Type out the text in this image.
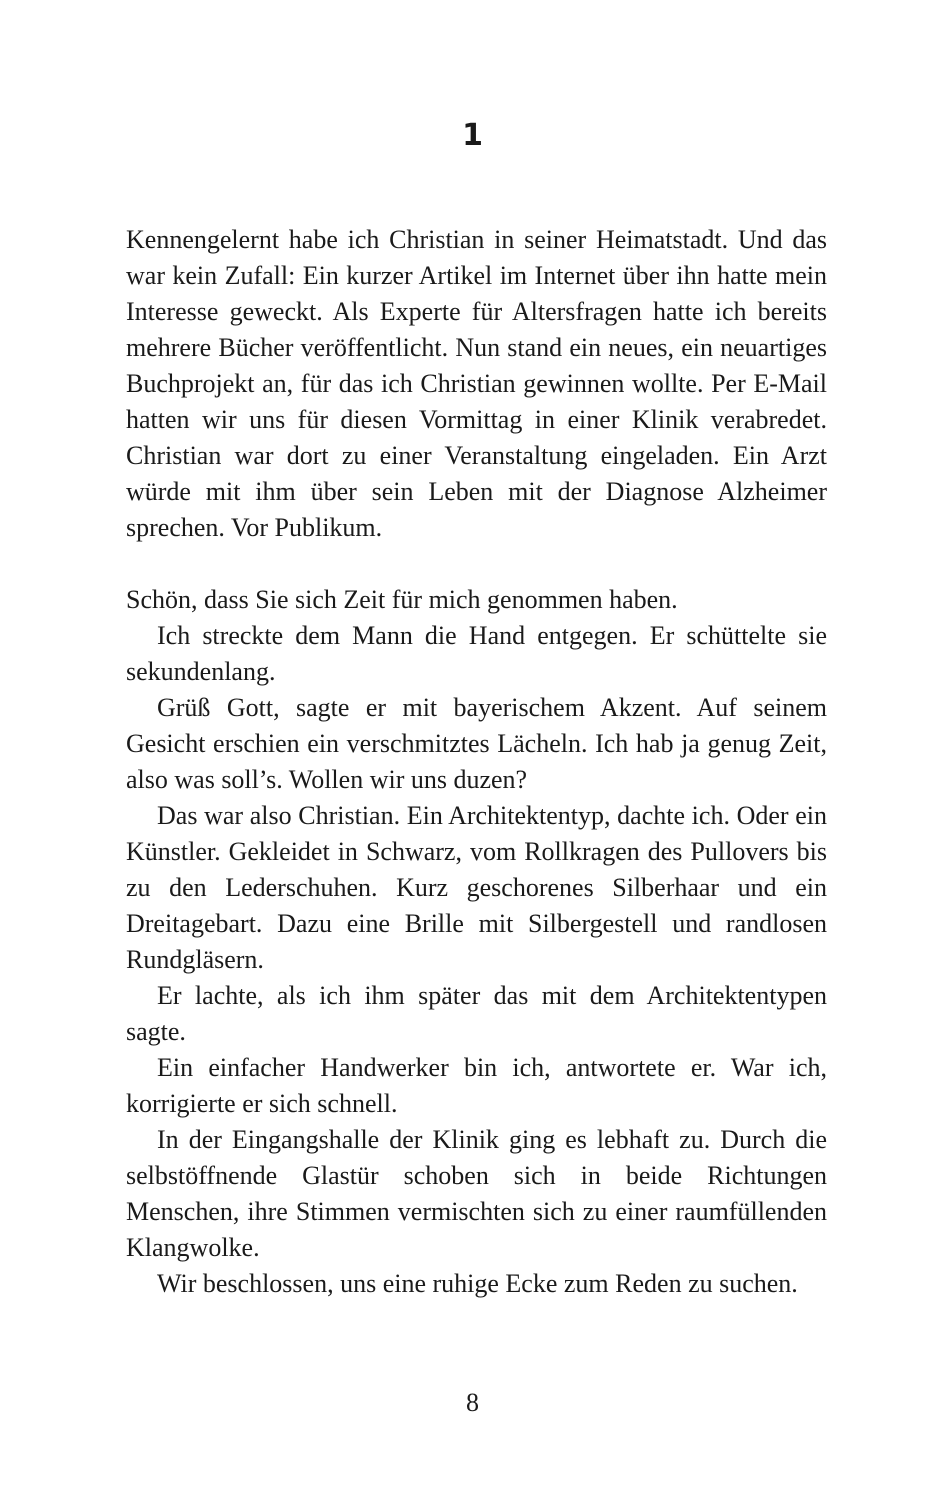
1

Kennengelernt habe ich Christian in seiner Heimatstadt. Und das war kein Zufall: Ein kurzer Artikel im Internet über ihn hatte mein Interesse geweckt. Als Experte für Altersfragen hatte ich bereits mehrere Bücher veröffentlicht. Nun stand ein neues, ein neuartiges Buchprojekt an, für das ich Christian gewinnen wollte. Per E-Mail hatten wir uns für diesen Vormittag in einer Klinik verabredet. Christian war dort zu einer Veranstaltung eingeladen. Ein Arzt würde mit ihm über sein Leben mit der Diagnose Alzheimer sprechen. Vor Publikum.

Schön, dass Sie sich Zeit für mich genommen haben.

Ich streckte dem Mann die Hand entgegen. Er schüttelte sie sekundenlang.

Grüß Gott, sagte er mit bayerischem Akzent. Auf seinem Gesicht erschien ein verschmitztes Lächeln. Ich hab ja genug Zeit, also was soll’s. Wollen wir uns duzen?

Das war also Christian. Ein Architektentyp, dachte ich. Oder ein Künstler. Gekleidet in Schwarz, vom Rollkragen des Pullovers bis zu den Lederschuhen. Kurz geschorenes Silberhaar und ein Dreitagebart. Dazu eine Brille mit Silbergestell und randlosen Rundgläsern.

Er lachte, als ich ihm später das mit dem Architektentypen sagte.

Ein einfacher Handwerker bin ich, antwortete er. War ich, korrigierte er sich schnell.

In der Eingangshalle der Klinik ging es lebhaft zu. Durch die selbstöffnende Glastür schoben sich in beide Richtungen Menschen, ihre Stimmen vermischten sich zu einer raumfüllenden Klangwolke.

Wir beschlossen, uns eine ruhige Ecke zum Reden zu suchen.

8
